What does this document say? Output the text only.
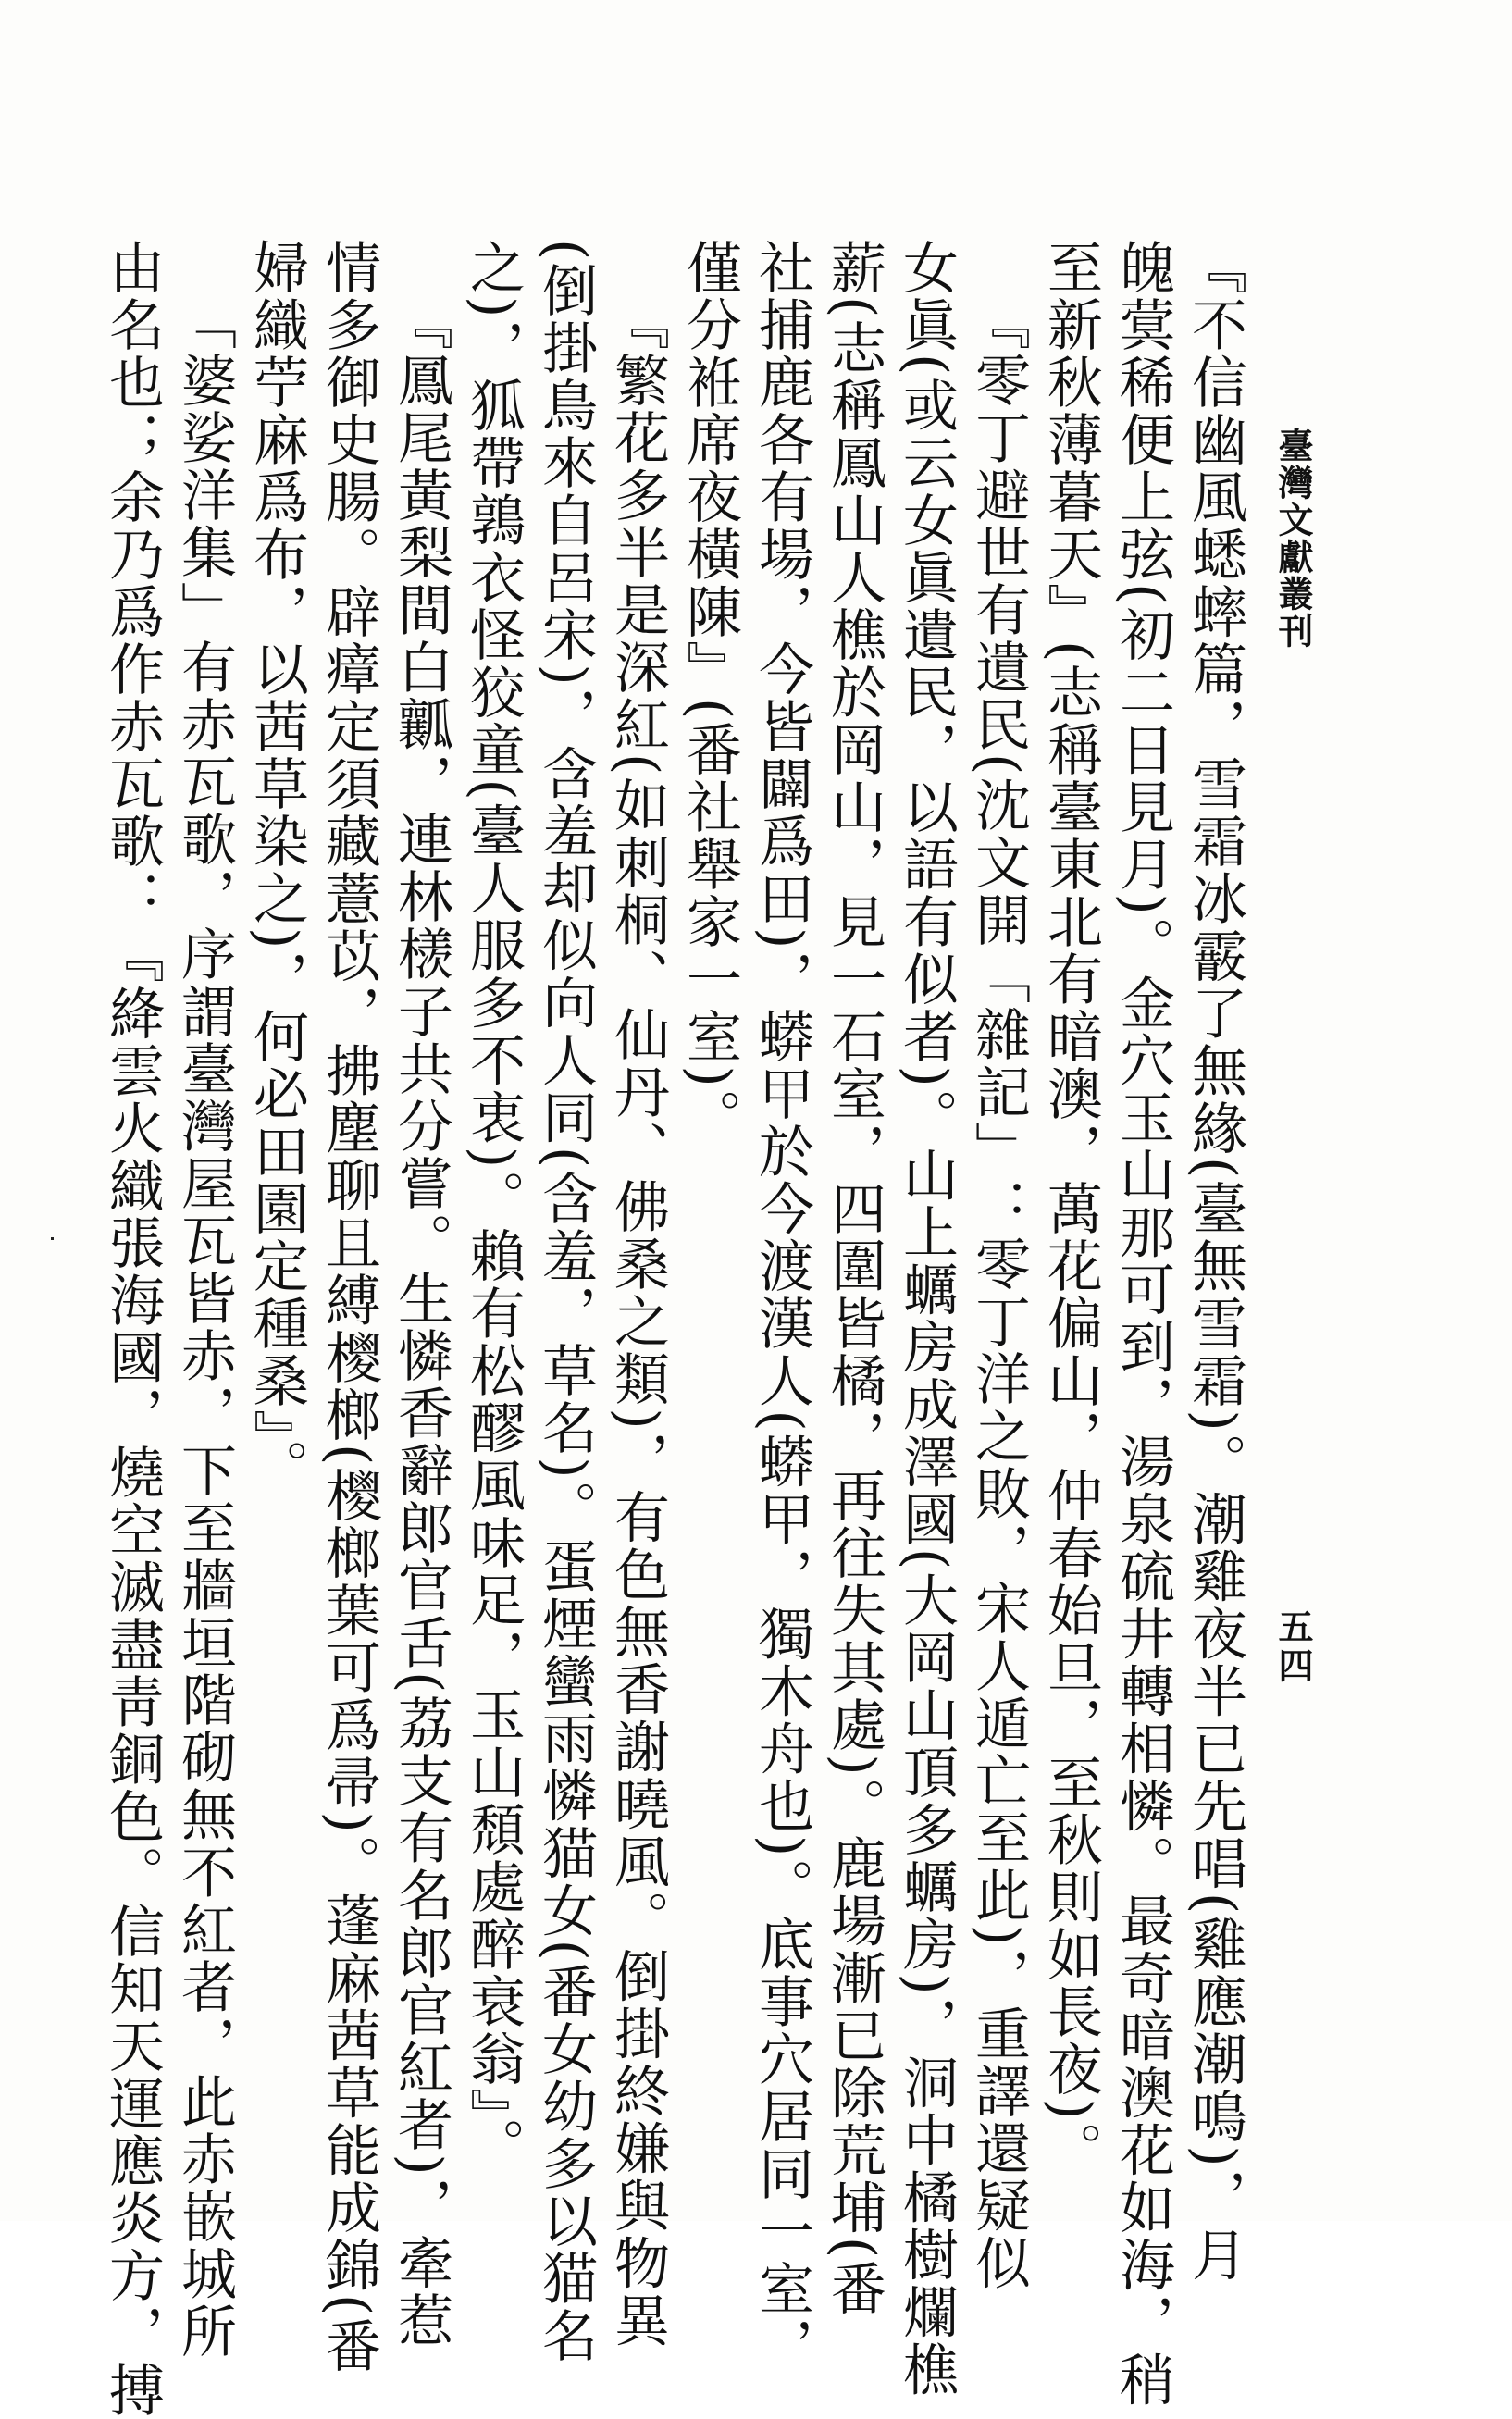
臺灣文獻叢刊
五四
『不信幽風蟋蟀篇，雪霜冰霰了無緣(臺無雪霜)。潮雞夜半已先唱(雞應潮鳴)，月
魄蓂稀便上弦(初二日見月)。金穴玉山那可到，湯泉硫井轉相憐。最奇暗澳花如海，稍
至新秋薄暮天』(志稱臺東北有暗澳，萬花偏山，仲春始旦，至秋則如長夜)。
『零丁避世有遺民(沈文開「雜記」：零丁洋之敗，宋人遁亡至此)，重譯還疑似
女眞(或云女眞遺民，以語有似者)。山上蠣房成澤國(大岡山頂多蠣房)，洞中橘樹爛樵
薪(志稱鳳山人樵於岡山，見一石室，四圍皆橘，再往失其處)。鹿場漸已除荒埔(番
社捕鹿各有場，今皆闢爲田)，蟒甲於今渡漢人(蟒甲，獨木舟也)。底事穴居同一室，
僅分袵席夜橫陳』(番社舉家一室)。
『繁花多半是深紅(如刺桐、仙丹、佛桑之類)，有色無香謝曉風。倒掛終嫌與物異
(倒掛鳥來自呂宋)，含羞却似向人同(含羞，草名)。蛋煙蠻雨憐猫女(番女幼多以猫名
之)，狐帶鶉衣怪狡童(臺人服多不衷)。賴有松醪風味足，玉山頹處醉衰翁』。
『鳳尾黃梨間白瓤，連林檨子共分嘗。生憐香辭郎官舌(荔支有名郎官紅者)，牽惹
情多御史腸。辟瘴定須藏薏苡，拂塵聊且縛㯶榔(㯶榔葉可爲帚)。蓬麻茜草能成錦(番
婦織苧麻爲布，以茜草染之)，何必田園定種桑』。
「婆娑洋集」有赤瓦歌，序謂臺灣屋瓦皆赤，下至牆垣階砌無不紅者，此赤嵌城所
由名也；余乃爲作赤瓦歌：『絳雲火織張海國，燒空滅盡靑銅色。信知天運應炎方，搏
